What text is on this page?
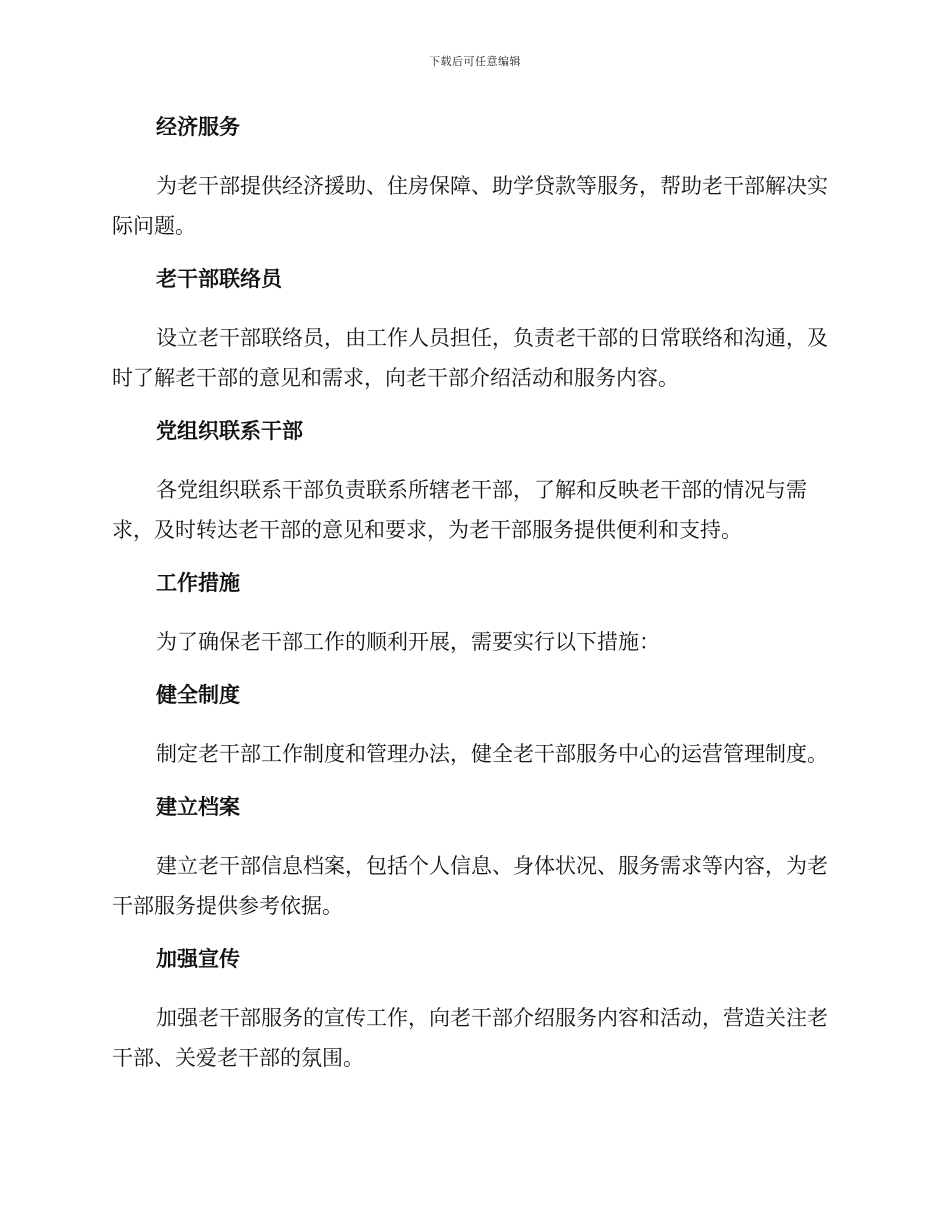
下载后可任意编辑
经济服务

为老干部提供经济援助、住房保障、助学贷款等服务，帮助老干部解决实际问题。

老干部联络员

设立老干部联络员，由工作人员担任，负责老干部的日常联络和沟通，及时了解老干部的意见和需求，向老干部介绍活动和服务内容。

党组织联系干部

各党组织联系干部负责联系所辖老干部，了解和反映老干部的情况与需求，及时转达老干部的意见和要求，为老干部服务提供便利和支持。

工作措施

为了确保老干部工作的顺利开展，需要实行以下措施：

健全制度

制定老干部工作制度和管理办法，健全老干部服务中心的运营管理制度。

建立档案

建立老干部信息档案，包括个人信息、身体状况、服务需求等内容，为老干部服务提供参考依据。

加强宣传

加强老干部服务的宣传工作，向老干部介绍服务内容和活动，营造关注老干部、关爱老干部的氛围。
